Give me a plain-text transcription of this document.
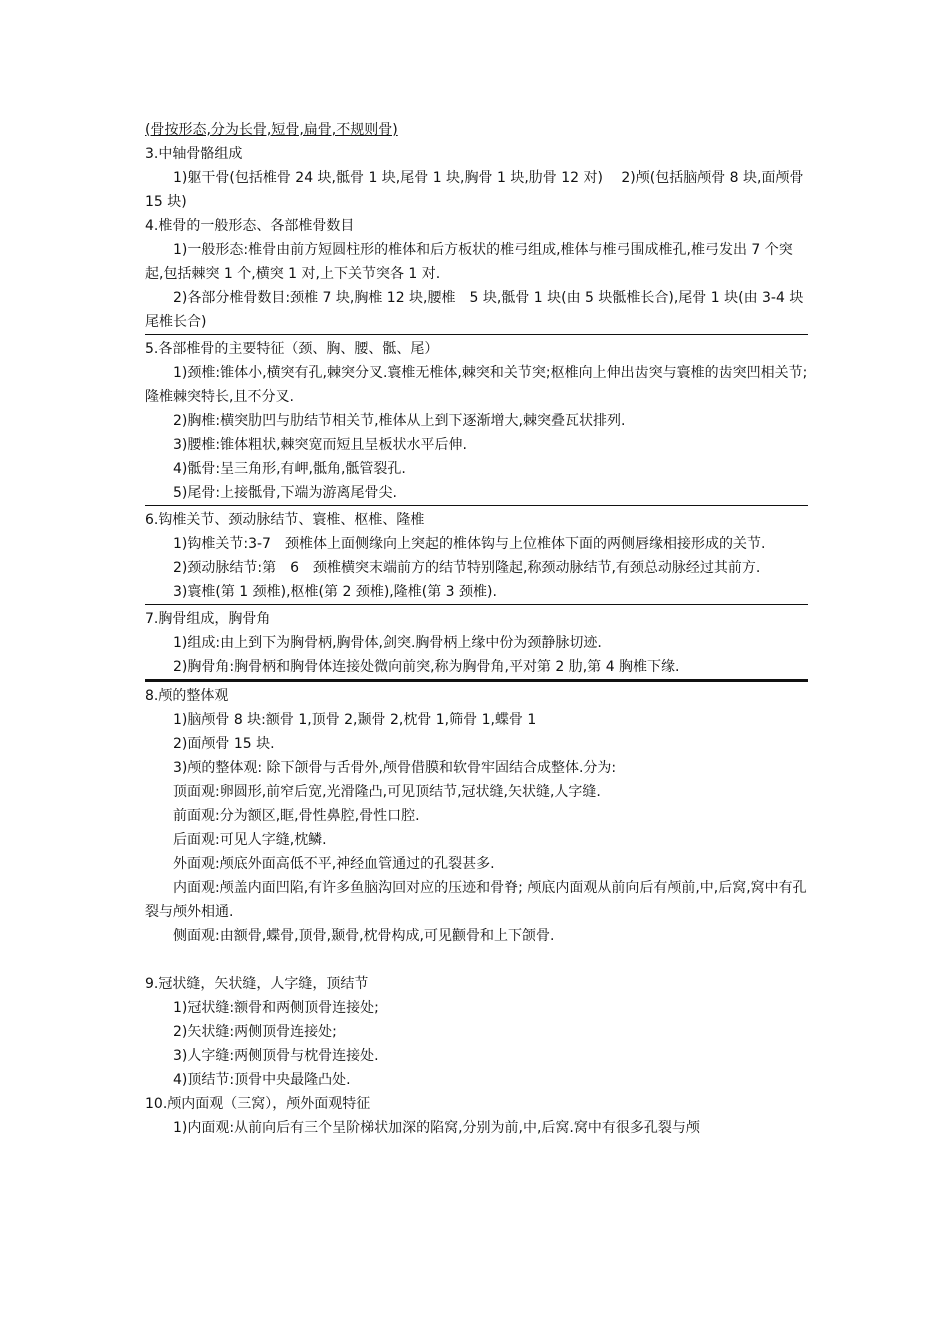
(骨按形态,分为长骨,短骨,扁骨,不规则骨)

3.中轴骨骼组成

1)躯干骨(包括椎骨 24 块,骶骨 1 块,尾骨 1 块,胸骨 1 块,肋骨 12 对)　 2)颅(包括脑颅骨 8 块,面颅骨 15 块)

4.椎骨的一般形态、各部椎骨数目

1)一般形态:椎骨由前方短圆柱形的椎体和后方板状的椎弓组成,椎体与椎弓围成椎孔,椎弓发出 7 个突起,包括棘突 1 个,横突 1 对,上下关节突各 1 对.

2)各部分椎骨数目:颈椎 7 块,胸椎 12 块,腰椎　5 块,骶骨 1 块(由 5 块骶椎长合),尾骨 1 块(由 3-4 块尾椎长合)

5.各部椎骨的主要特征（颈、胸、腰、骶、尾）

1)颈椎:锥体小,横突有孔,棘突分叉.寰椎无椎体,棘突和关节突;枢椎向上伸出齿突与寰椎的齿突凹相关节;隆椎棘突特长,且不分叉.

2)胸椎:横突肋凹与肋结节相关节,椎体从上到下逐渐增大,棘突叠瓦状排列.

3)腰椎:锥体粗状,棘突宽而短且呈板状水平后伸.

4)骶骨:呈三角形,有岬,骶角,骶管裂孔.

5)尾骨:上接骶骨,下端为游离尾骨尖.

6.钩椎关节、颈动脉结节、寰椎、枢椎、隆椎

1)钩椎关节:3-7　颈椎体上面侧缘向上突起的椎体钩与上位椎体下面的两侧唇缘相接形成的关节.

2)颈动脉结节:第　6　颈椎横突末端前方的结节特别隆起,称颈动脉结节,有颈总动脉经过其前方.

3)寰椎(第 1 颈椎),枢椎(第 2 颈椎),隆椎(第 3 颈椎).

7.胸骨组成，胸骨角

1)组成:由上到下为胸骨柄,胸骨体,剑突.胸骨柄上缘中份为颈静脉切迹.

2)胸骨角:胸骨柄和胸骨体连接处微向前突,称为胸骨角,平对第 2 肋,第 4 胸椎下缘.

8.颅的整体观

1)脑颅骨 8 块:额骨 1,顶骨 2,颞骨 2,枕骨 1,筛骨 1,蝶骨 1

2)面颅骨 15 块.

3)颅的整体观: 除下颌骨与舌骨外,颅骨借膜和软骨牢固结合成整体.分为:

顶面观:卵圆形,前窄后宽,光滑隆凸,可见顶结节,冠状缝,矢状缝,人字缝.

前面观:分为额区,眶,骨性鼻腔,骨性口腔.

后面观:可见人字缝,枕鳞.

外面观:颅底外面高低不平,神经血管通过的孔裂甚多.

内面观:颅盖内面凹陷,有许多鱼脑沟回对应的压迹和骨脊; 颅底内面观从前向后有颅前,中,后窝,窝中有孔裂与颅外相通.

侧面观:由额骨,蝶骨,顶骨,颞骨,枕骨构成,可见颧骨和上下颌骨.

9.冠状缝，矢状缝，人字缝，顶结节

1)冠状缝:额骨和两侧顶骨连接处;

2)矢状缝:两侧顶骨连接处;

3)人字缝:两侧顶骨与枕骨连接处.

4)顶结节:顶骨中央最隆凸处.

10.颅内面观（三窝），颅外面观特征

1)内面观:从前向后有三个呈阶梯状加深的陷窝,分别为前,中,后窝.窝中有很多孔裂与颅
